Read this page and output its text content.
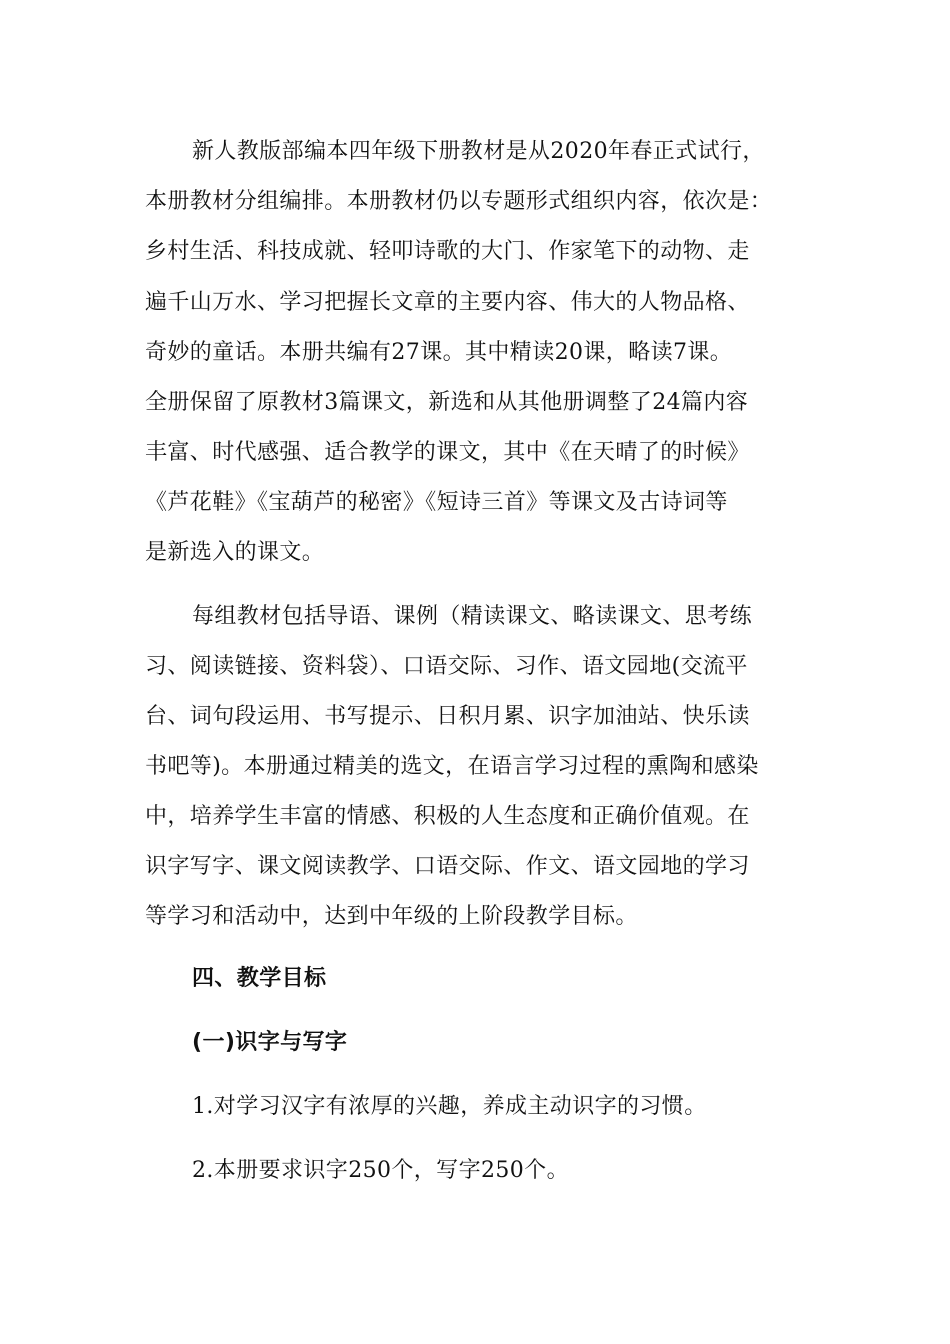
新人教版部编本四年级下册教材是从2020年春正式试行，
本册教材分组编排。本册教材仍以专题形式组织内容，依次是：
乡村生活、科技成就、轻叩诗歌的大门、作家笔下的动物、走
遍千山万水、学习把握长文章的主要内容、伟大的人物品格、
奇妙的童话。本册共编有27课。其中精读20课，略读7课。
全册保留了原教材3篇课文，新选和从其他册调整了24篇内容
丰富、时代感强、适合教学的课文，其中《在天晴了的时候》
《芦花鞋》《宝葫芦的秘密》《短诗三首》等课文及古诗词等
是新选入的课文。
每组教材包括导语、课例（精读课文、略读课文、思考练
习、阅读链接、资料袋）、口语交际、习作、语文园地(交流平
台、词句段运用、书写提示、日积月累、识字加油站、快乐读
书吧等)。本册通过精美的选文，在语言学习过程的熏陶和感染
中，培养学生丰富的情感、积极的人生态度和正确价值观。在
识字写字、课文阅读教学、口语交际、作文、语文园地的学习
等学习和活动中，达到中年级的上阶段教学目标。
四、教学目标
(一)识字与写字
1.对学习汉字有浓厚的兴趣，养成主动识字的习惯。
2.本册要求识字250个，写字250个。
